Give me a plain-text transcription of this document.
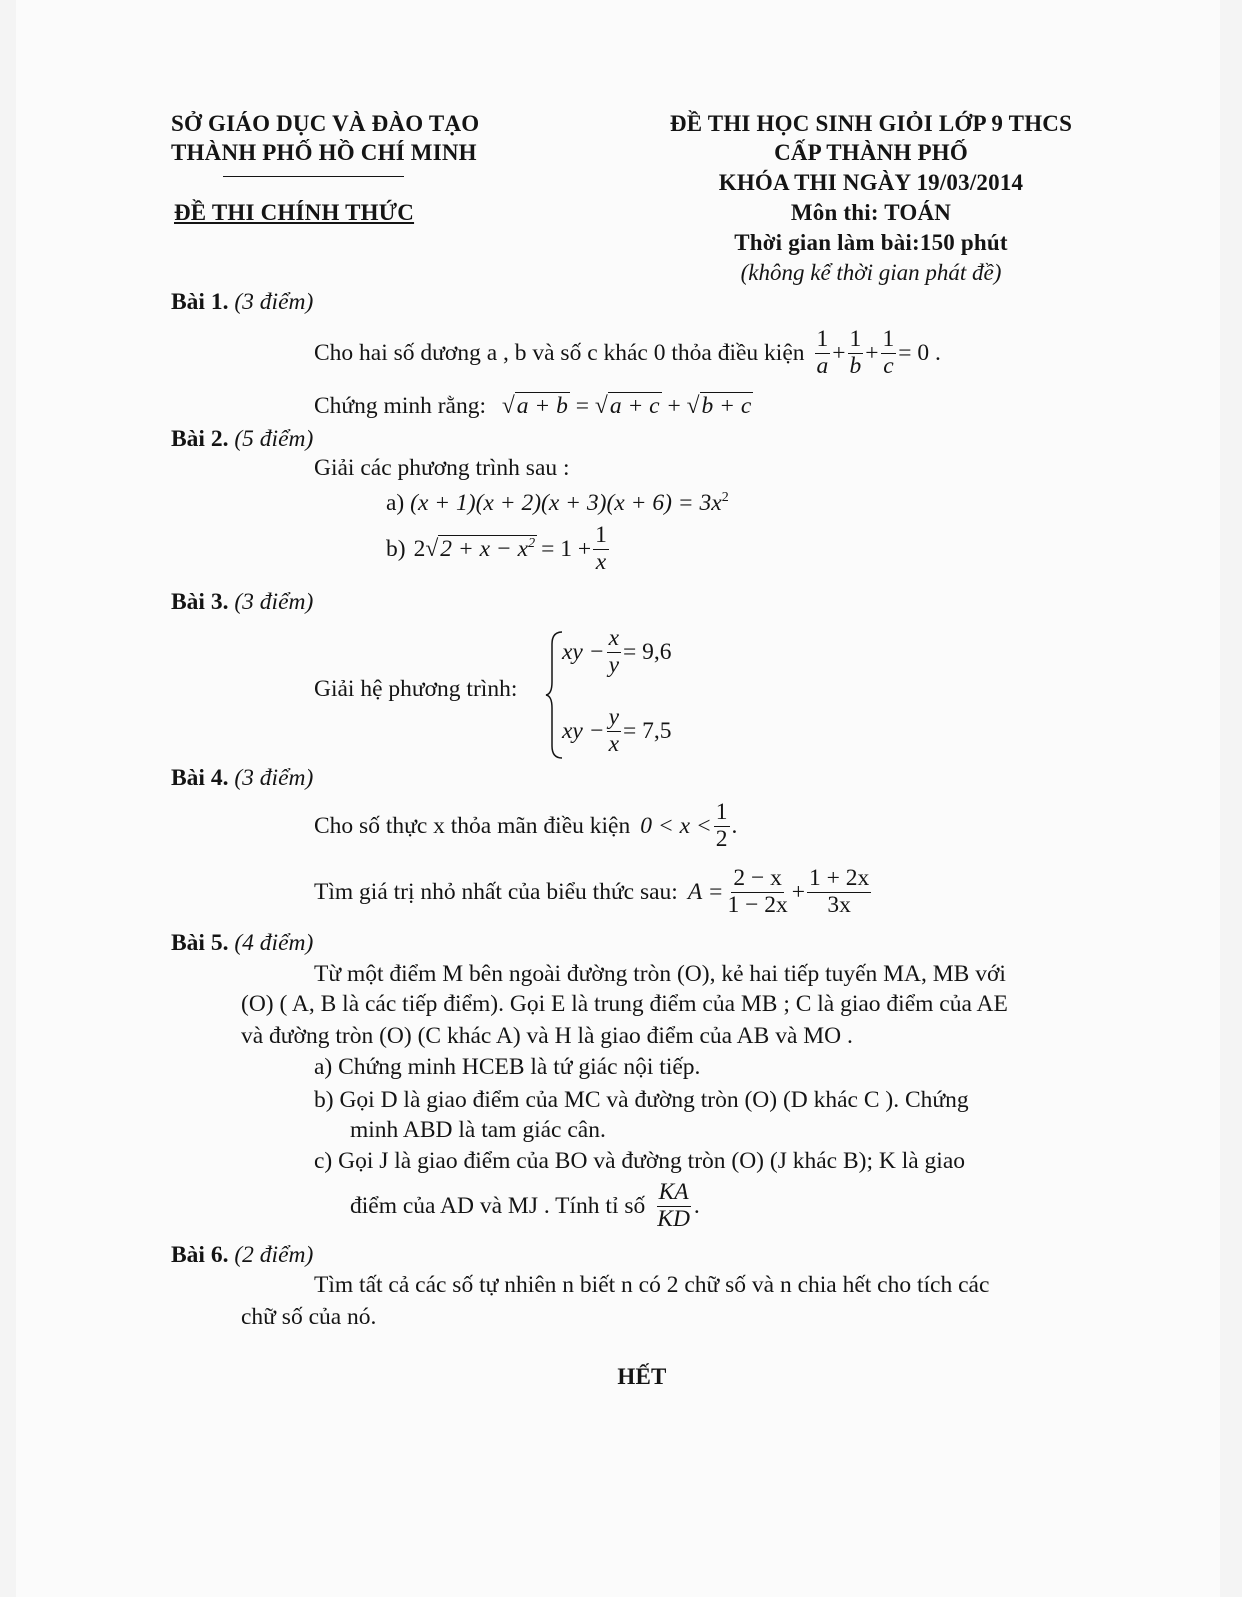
SỞ GIÁO DỤC VÀ ĐÀO TẠO
THÀNH PHỐ HỒ CHÍ MINH
ĐỀ THI CHÍNH THỨC
ĐỀ THI HỌC SINH GIỎI LỚP 9 THCS
CẤP THÀNH PHỐ
KHÓA THI NGÀY 19/03/2014
Môn thi: TOÁN
Thời gian làm bài:150 phút
(không kể thời gian phát đề)
Bài 1. (3 điểm)
Cho hai số dương a , b và số c khác 0 thỏa điều kiện $\frac{1}{a} + \frac{1}{b} + \frac{1}{c} = 0$ .
Chứng minh rằng: √a + b = √a + c + √b + c
Bài 2. (5 điểm)
Giải các phương trình sau :
a) $(x + 1)(x + 2)(x + 3)(x + 6) = 3x^2$
b) 2 $√2 + x - x^2 = 1 + \frac{1}{x}$
Bài 3. (3 điểm)
Giải hệ phương trình:
xy − $\frac{x}{y} = 9,6$
xy − $\frac{y}{x} = 7,5$
Bài 4. (3 điểm)
Cho số thực x thỏa mãn điều kiện $0 < x < \frac{1}{2}$ .
Tìm giá trị nhỏ nhất của biểu thức sau: $A = \frac{2 - x}{1 - 2x} + \frac{1 + 2x}{3x}$
Bài 5. (4 điểm)
Từ một điểm M bên ngoài đường tròn (O), kẻ hai tiếp tuyến MA, MB với
(O) ( A, B là các tiếp điểm). Gọi E là trung điểm của MB ; C là giao điểm của AE
và đường tròn (O) (C khác A) và H là giao điểm của AB và MO .
a) Chứng minh HCEB là tứ giác nội tiếp.
b) Gọi D là giao điểm của MC và đường tròn (O) (D khác C ). Chứng
minh ABD là tam giác cân.
c) Gọi J là giao điểm của BO và đường tròn (O) (J khác B); K là giao
điểm của AD và MJ . Tính tỉ số $\frac{KA}{KD}$ .
Bài 6. (2 điểm)
Tìm tất cả các số tự nhiên n biết n có 2 chữ số và n chia hết cho tích các
chữ số của nó.
HẾT
